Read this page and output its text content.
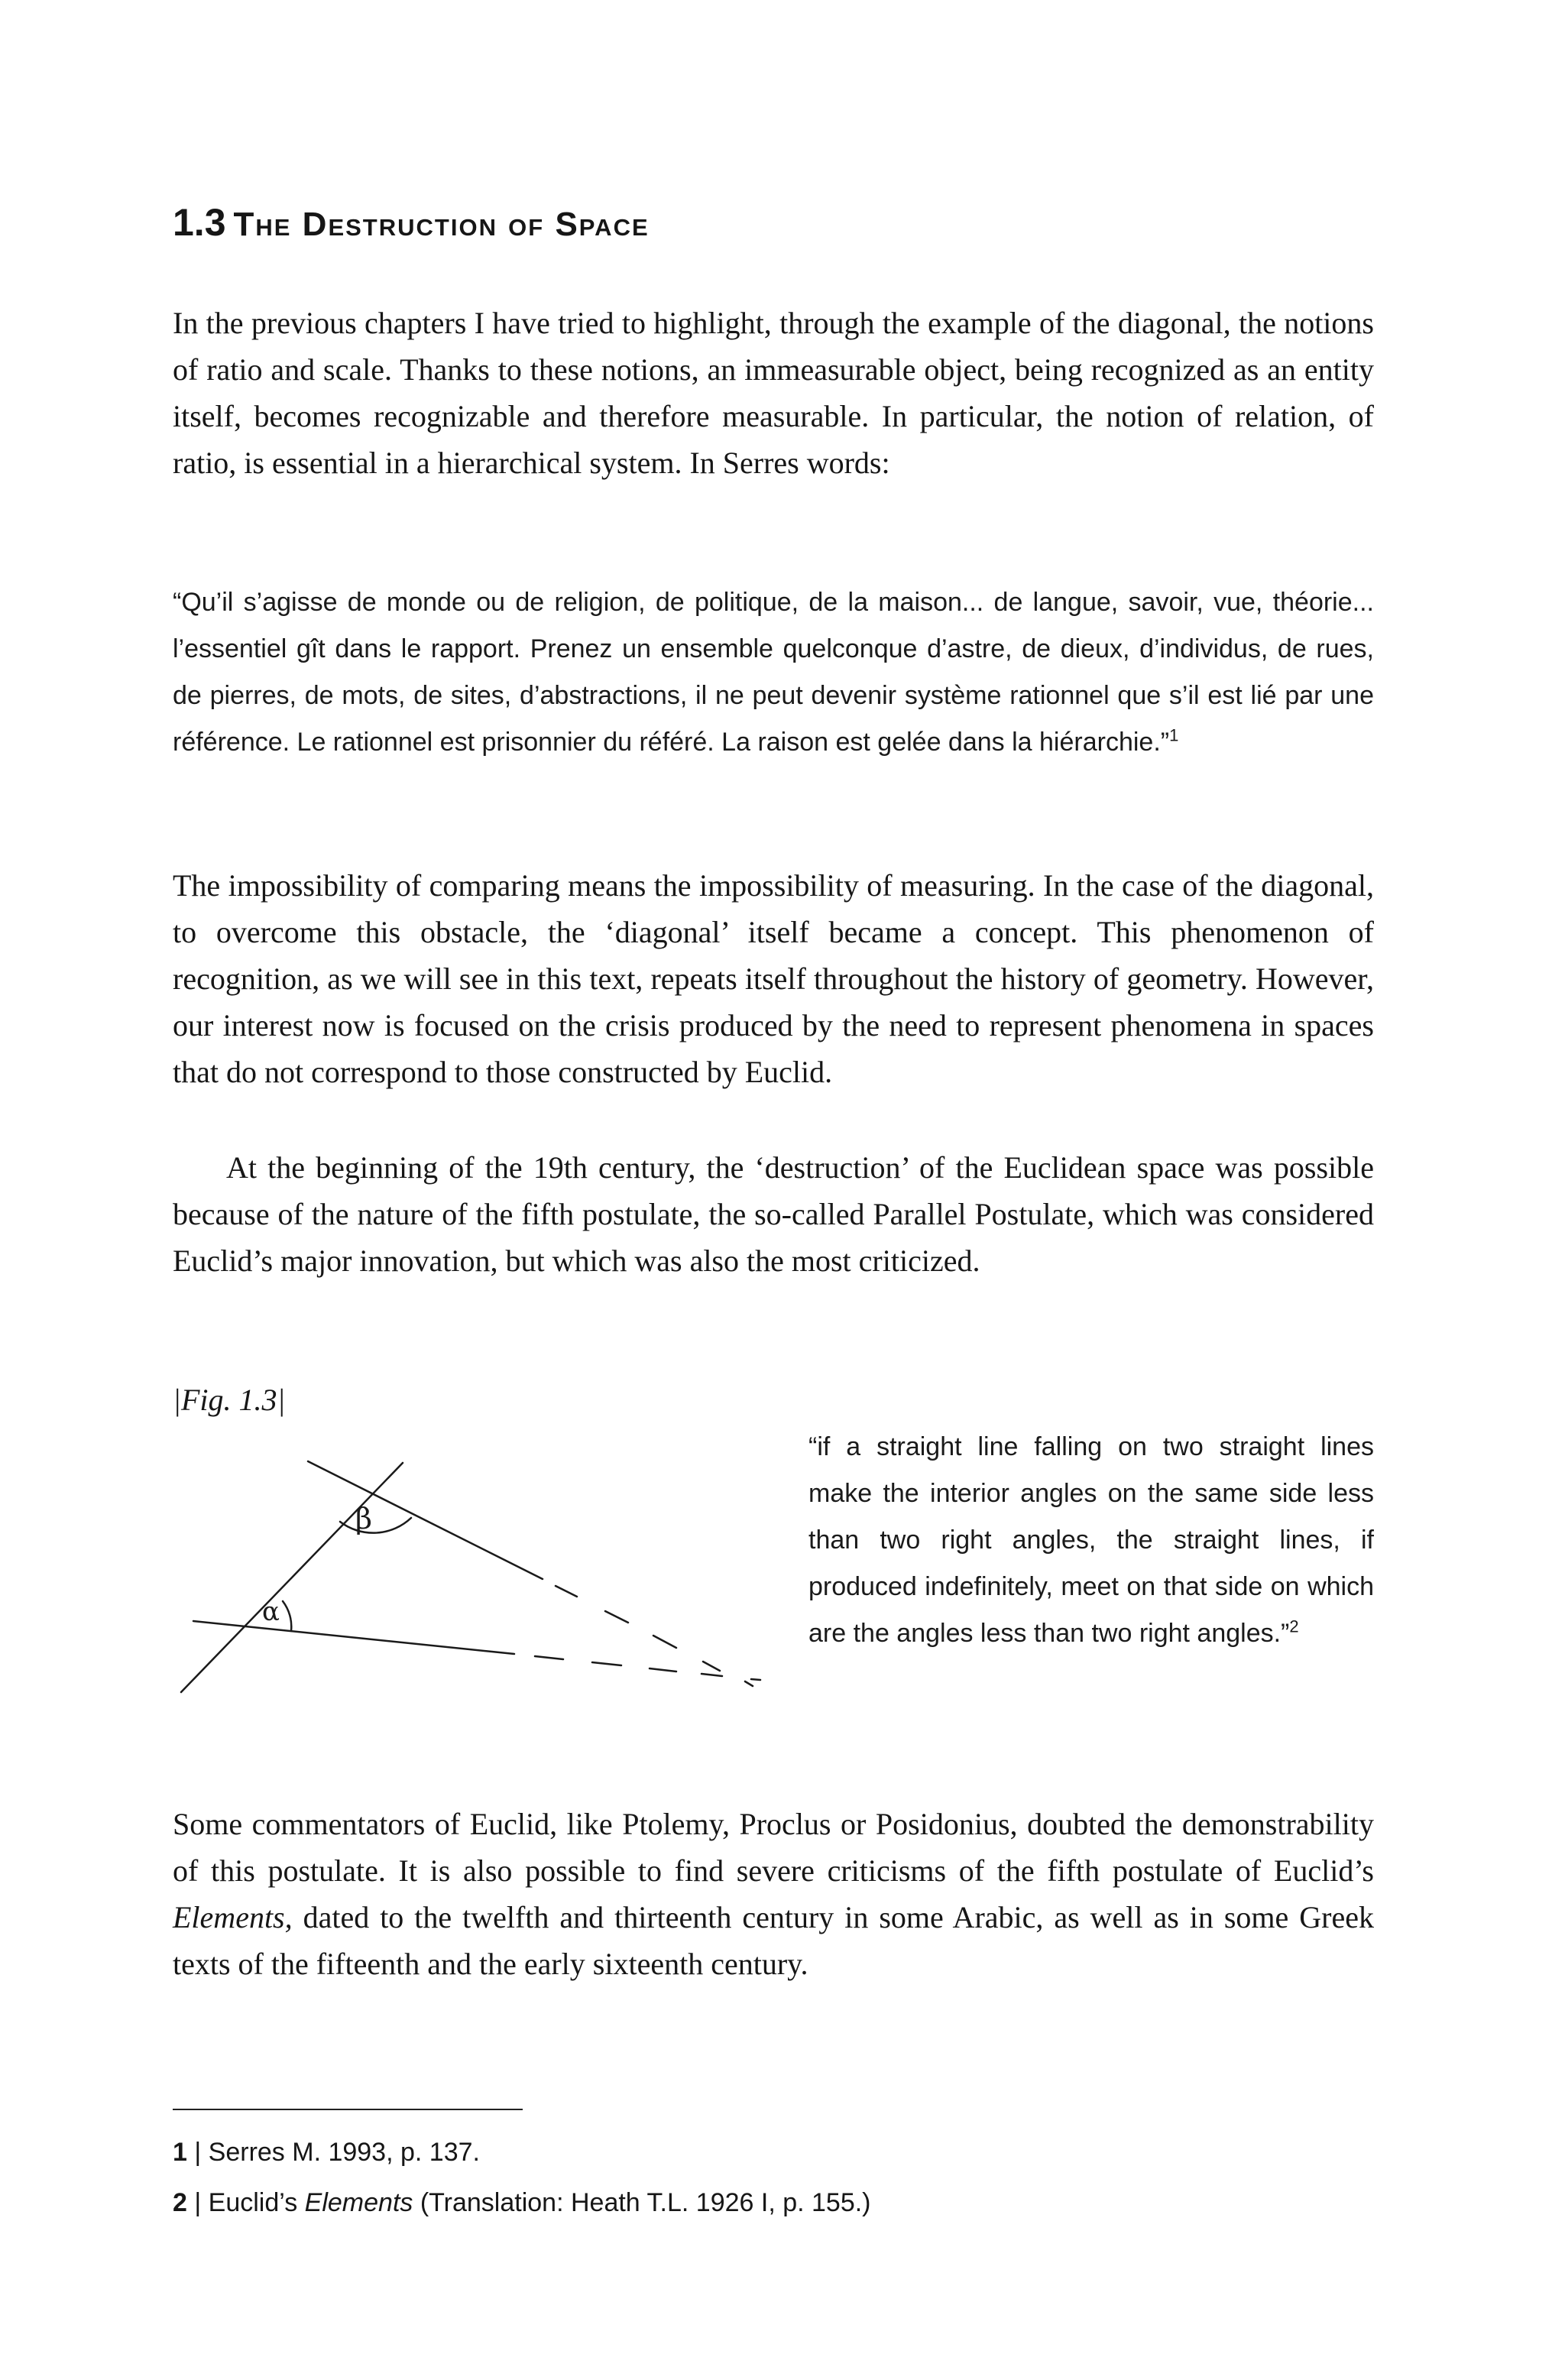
1.3 The Destruction of Space

In the previous chapters I have tried to highlight, through the example of the diagonal, the notions of ratio and scale. Thanks to these notions, an immeasurable object, being recognized as an entity itself, becomes recognizable and therefore measurable. In particular, the notion of relation, of ratio, is essential in a hierarchical system. In Serres words:

“Qu’il s’agisse de monde ou de religion, de politique, de la maison... de langue, savoir, vue, théorie... l’essentiel gît dans le rapport. Prenez un ensemble quelconque d’astre, de dieux, d’individus, de rues, de pierres, de mots, de sites, d’abstractions, il ne peut devenir système rationnel que s’il est lié par une référence. Le rationnel est prisonnier du référé. La raison est gelée dans la hiérarchie.”$^1$

The impossibility of comparing means the impossibility of measuring. In the case of the diagonal, to overcome this obstacle, the ‘diagonal’ itself became a concept. This phenomenon of recognition, as we will see in this text, repeats itself throughout the history of geometry. However, our interest now is focused on the crisis produced by the need to represent phenomena in spaces that do not correspond to those constructed by Euclid.

At the beginning of the 19th century, the ‘destruction’ of the Euclidean space was possible because of the nature of the fifth postulate, the so-called Parallel Postulate, which was considered Euclid’s major innovation, but which was also the most criticized.

|Fig. 1.3|

α
β

“if a straight line falling on two straight lines make the interior angles on the same side less than two right angles, the straight lines, if produced indefinitely, meet on that side on which are the angles less than two right angles.”$^2$

Some commentators of Euclid, like Ptolemy, Proclus or Posidonius, doubted the demonstrability of this postulate. It is also possible to find severe criticisms of the fifth postulate of Euclid’s Elements, dated to the twelfth and thirteenth century in some Arabic, as well as in some Greek texts of the fifteenth and the early sixteenth century.

1 | Serres M. 1993, p. 137.

2 | Euclid’s Elements (Translation: Heath T.L. 1926 I, p. 155.)
